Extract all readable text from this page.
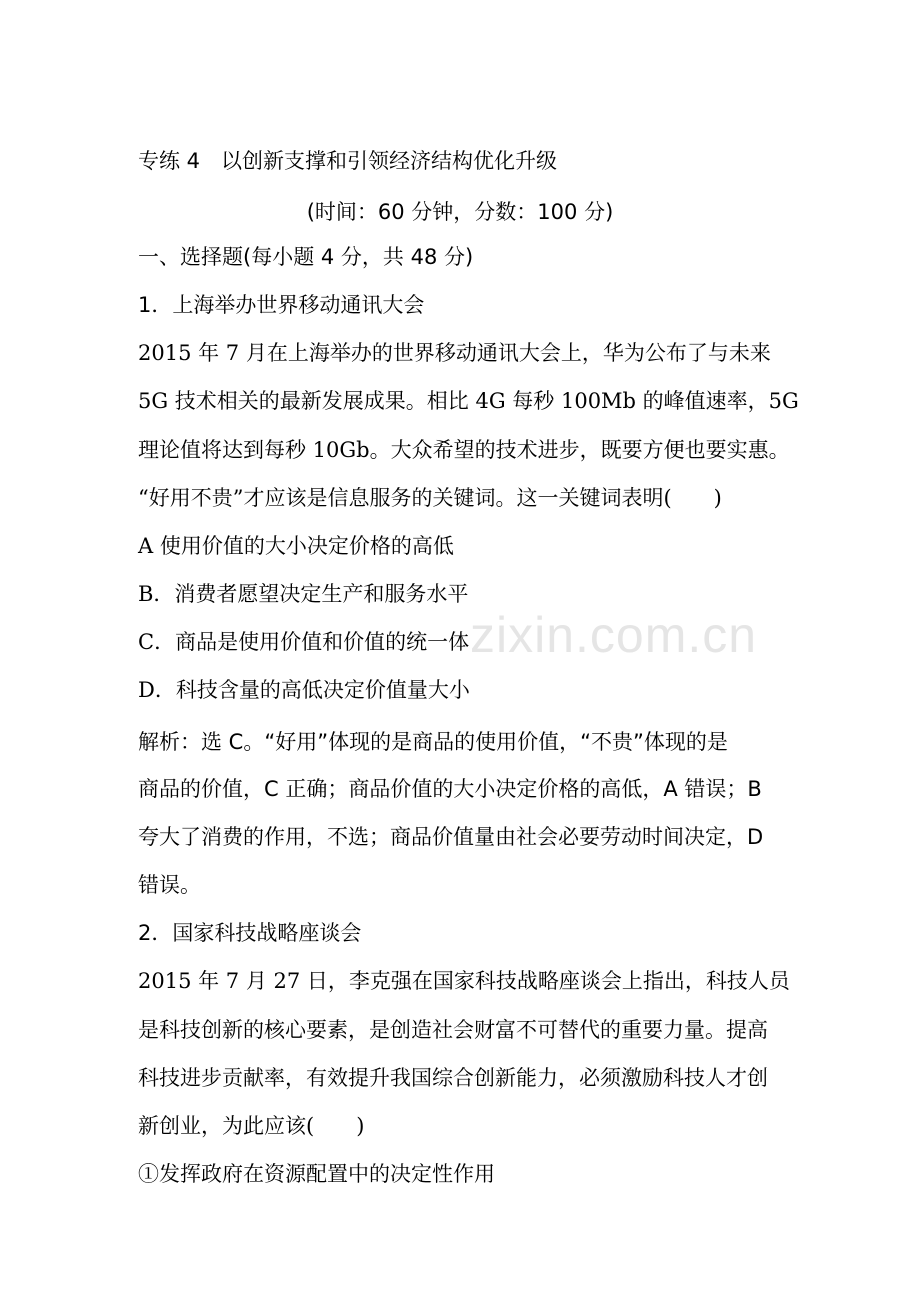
专练 4　以创新支撑和引领经济结构优化升级
(时间：60 分钟，分数：100 分)
一、选择题(每小题 4 分，共 48 分)
1．上海举办世界移动通讯大会
2015 年 7 月在上海举办的世界移动通讯大会上，华为公布了与未来
5G 技术相关的最新发展成果。相比 4G 每秒 100Mb 的峰值速率，5G
理论值将达到每秒 10Gb。大众希望的技术进步，既要方便也要实惠。
“好用不贵”才应该是信息服务的关键词。这一关键词表明(　　)
A 使用价值的大小决定价格的高低
B．消费者愿望决定生产和服务水平
C．商品是使用价值和价值的统一体
D．科技含量的高低决定价值量大小
解析：选 C。“好用”体现的是商品的使用价值，“不贵”体现的是
商品的价值，C 正确；商品价值的大小决定价格的高低，A 错误；B
夸大了消费的作用，不选；商品价值量由社会必要劳动时间决定，D
错误。
2．国家科技战略座谈会
2015 年 7 月 27 日，李克强在国家科技战略座谈会上指出，科技人员
是科技创新的核心要素，是创造社会财富不可替代的重要力量。提高
科技进步贡献率，有效提升我国综合创新能力，必须激励科技人才创
新创业，为此应该(　　)
①发挥政府在资源配置中的决定性作用
zixin.com.cn
